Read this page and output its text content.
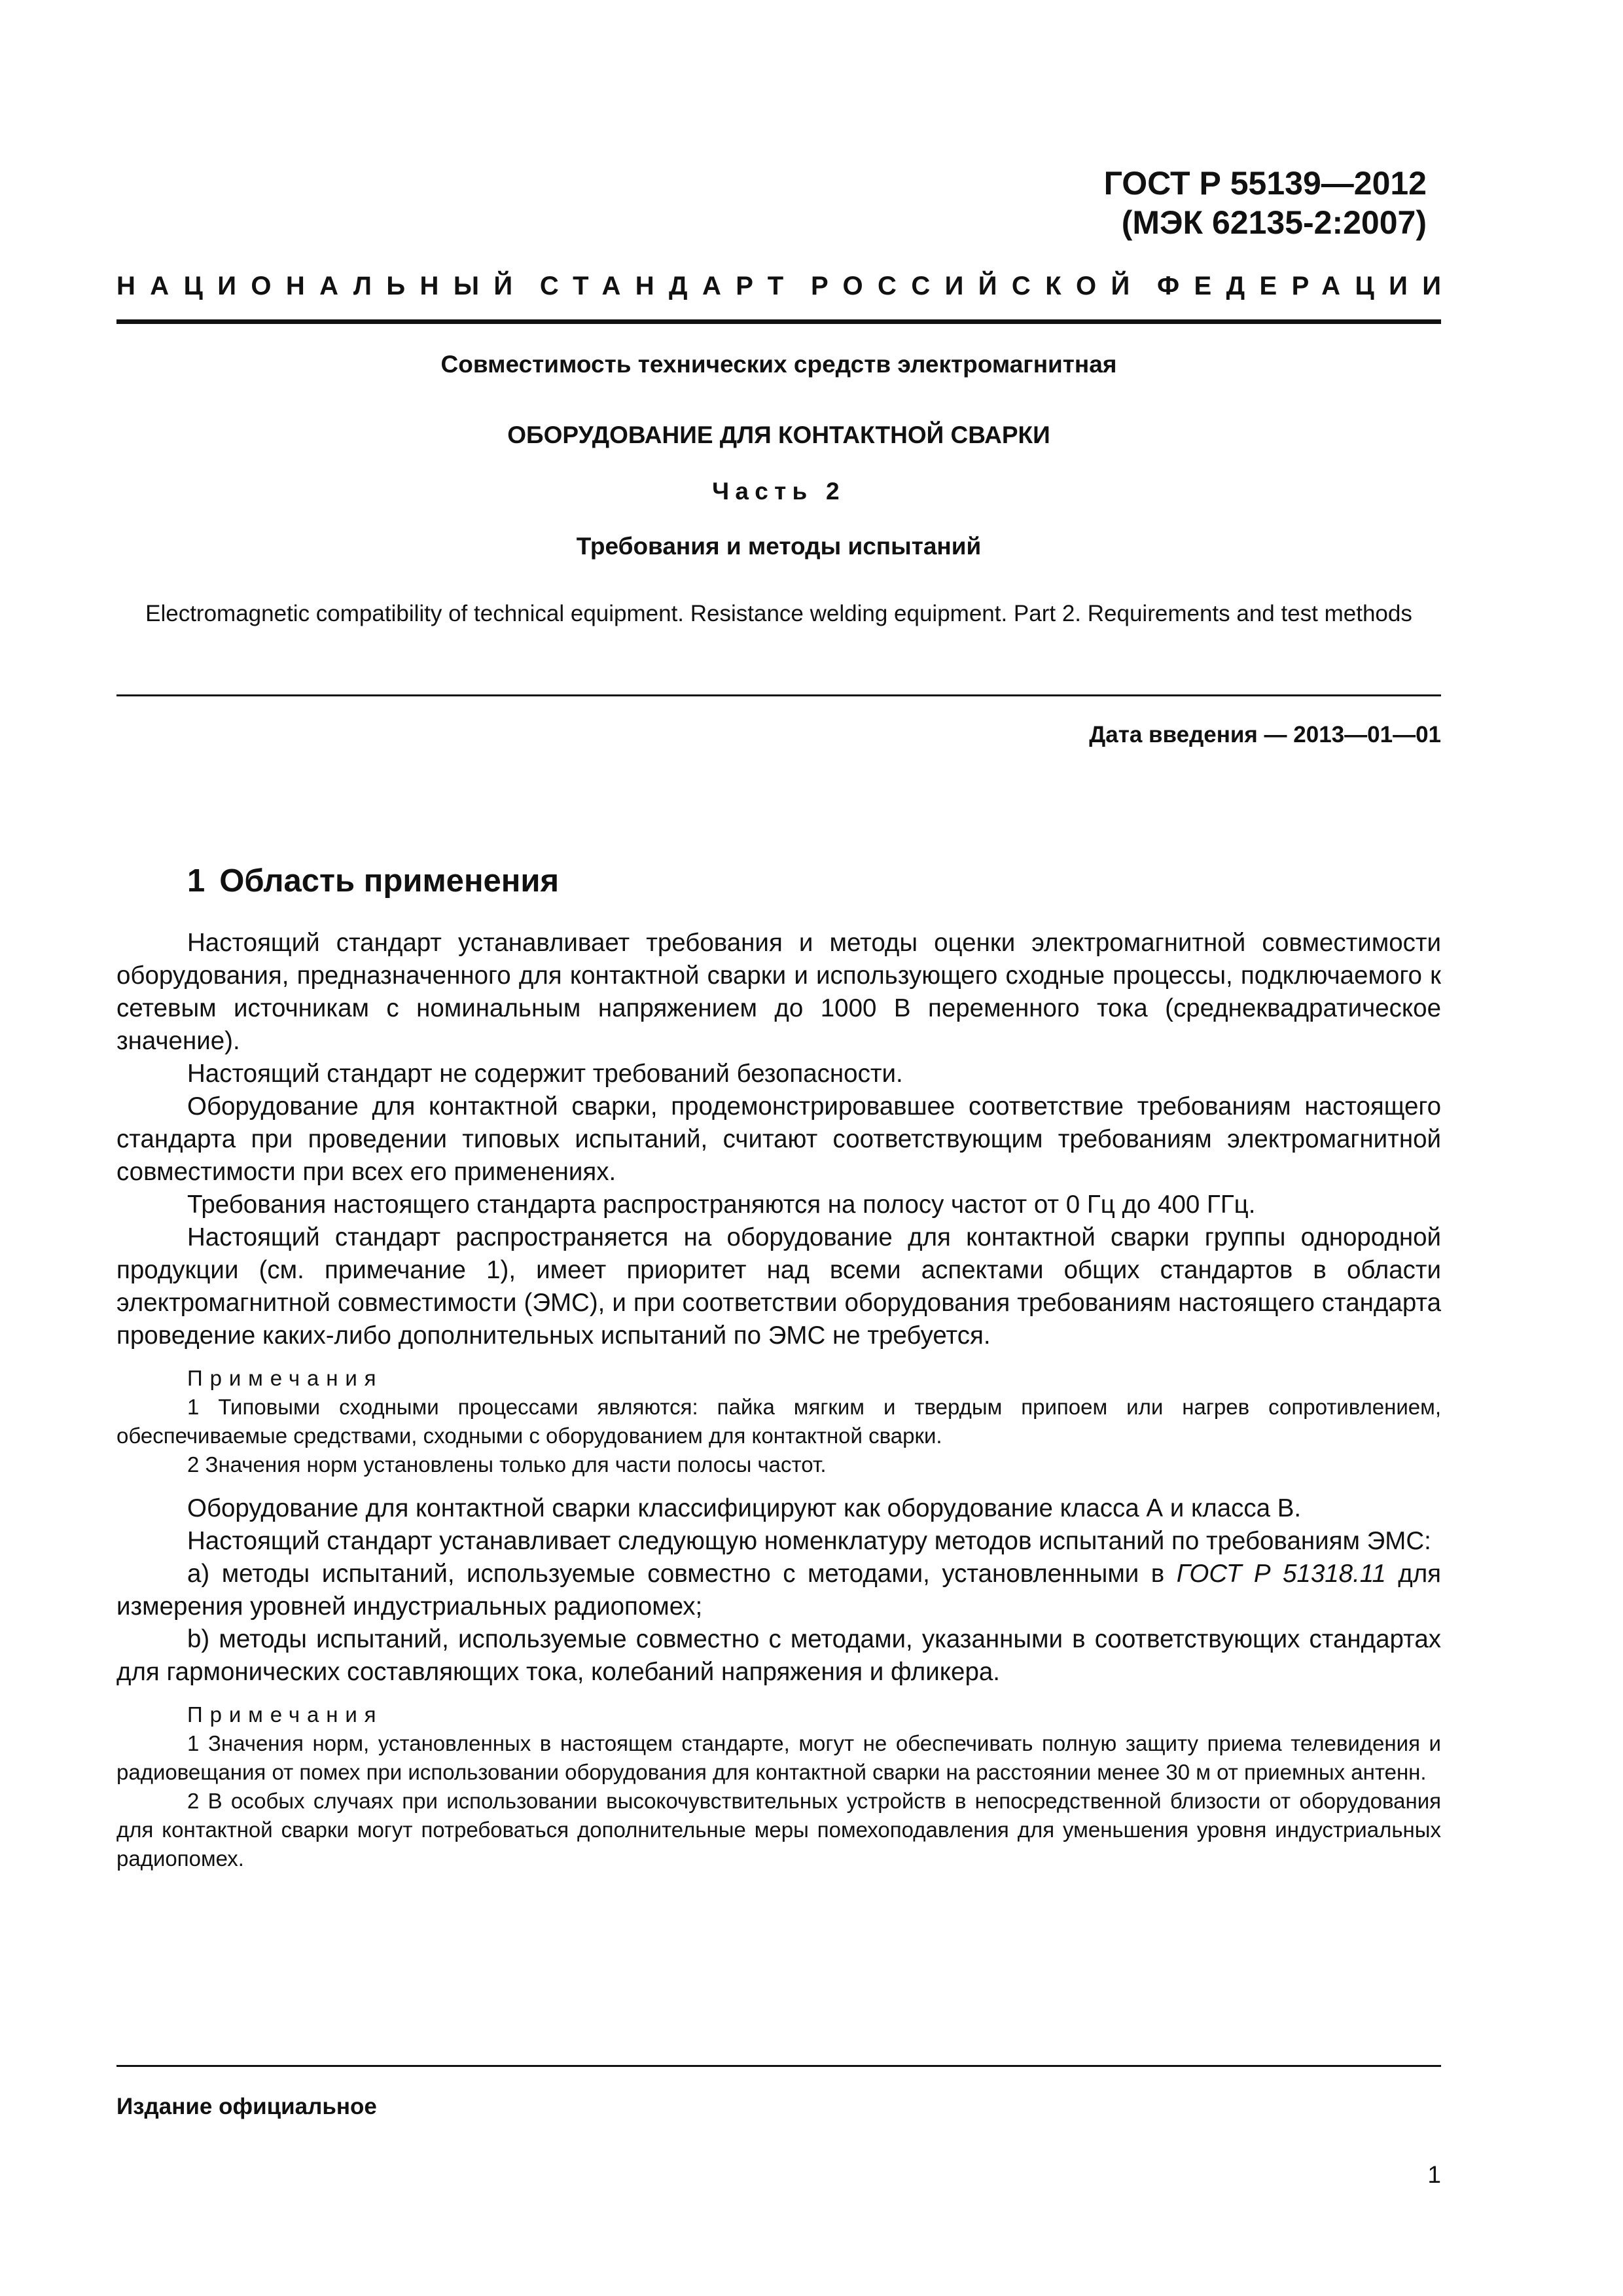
ГОСТ Р 55139—2012
(МЭК 62135-2:2007)
НАЦИОНАЛЬНЫЙ СТАНДАРТ РОССИЙСКОЙ ФЕДЕРАЦИИ
Совместимость технических средств электромагнитная
ОБОРУДОВАНИЕ ДЛЯ КОНТАКТНОЙ СВАРКИ
Часть 2
Требования и методы испытаний
Electromagnetic compatibility of technical equipment. Resistance welding equipment. Part 2. Requirements and test methods
Дата введения — 2013—01—01
1 Область применения

Настоящий стандарт устанавливает требования и методы оценки электромагнитной совместимости оборудования, предназначенного для контактной сварки и использующего сходные процессы, подключаемого к сетевым источникам с номинальным напряжением до 1000 В переменного тока (среднеквадратическое значение).

Настоящий стандарт не содержит требований безопасности.

Оборудование для контактной сварки, продемонстрировавшее соответствие требованиям настоящего стандарта при проведении типовых испытаний, считают соответствующим требованиям электромагнитной совместимости при всех его применениях.

Требования настоящего стандарта распространяются на полосу частот от 0 Гц до 400 ГГц.

Настоящий стандарт распространяется на оборудование для контактной сварки группы однородной продукции (см. примечание 1), имеет приоритет над всеми аспектами общих стандартов в области электромагнитной совместимости (ЭМС), и при соответствии оборудования требованиям настоящего стандарта проведение каких-либо дополнительных испытаний по ЭМС не требуется.

Примечания

1 Типовыми сходными процессами являются: пайка мягким и твердым припоем или нагрев сопротивлением, обеспечиваемые средствами, сходными с оборудованием для контактной сварки.

2 Значения норм установлены только для части полосы частот.

Оборудование для контактной сварки классифицируют как оборудование класса А и класса В.

Настоящий стандарт устанавливает следующую номенклатуру методов испытаний по требованиям ЭМС:

a) методы испытаний, используемые совместно с методами, установленными в ГОСТ Р 51318.11 для измерения уровней индустриальных радиопомех;

b) методы испытаний, используемые совместно с методами, указанными в соответствующих стандартах для гармонических составляющих тока, колебаний напряжения и фликера.

Примечания

1 Значения норм, установленных в настоящем стандарте, могут не обеспечивать полную защиту приема телевидения и радиовещания от помех при использовании оборудования для контактной сварки на расстоянии менее 30 м от приемных антенн.

2 В особых случаях при использовании высокочувствительных устройств в непосредственной близости от оборудования для контактной сварки могут потребоваться дополнительные меры помехоподавления для уменьшения уровня индустриальных радиопомех.

Издание официальное
1
